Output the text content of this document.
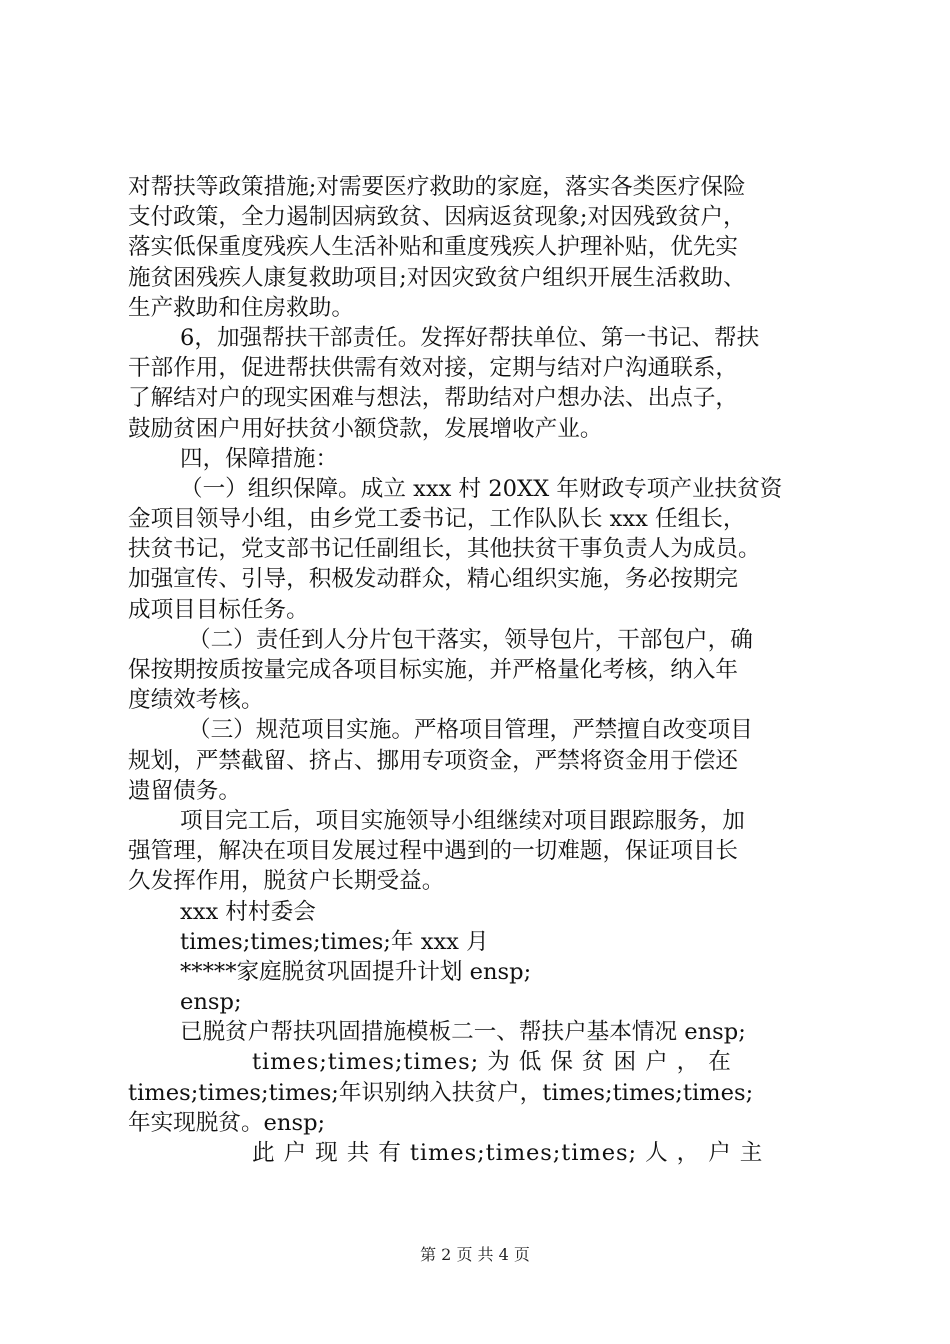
对帮扶等政策措施;对需要医疗救助的家庭，落实各类医疗保险
支付政策，全力遏制因病致贫、因病返贫现象;对因残致贫户，
落实低保重度残疾人生活补贴和重度残疾人护理补贴，优先实
施贫困残疾人康复救助项目;对因灾致贫户组织开展生活救助、
生产救助和住房救助。
6，加强帮扶干部责任。发挥好帮扶单位、第一书记、帮扶
干部作用，促进帮扶供需有效对接，定期与结对户沟通联系，
了解结对户的现实困难与想法，帮助结对户想办法、出点子，
鼓励贫困户用好扶贫小额贷款，发展增收产业。
四，保障措施：
（一）组织保障。成立 xxx 村 20XX 年财政专项产业扶贫资
金项目领导小组，由乡党工委书记，工作队队长 xxx 任组长，
扶贫书记，党支部书记任副组长，其他扶贫干事负责人为成员。
加强宣传、引导，积极发动群众，精心组织实施，务必按期完
成项目目标任务。
（二）责任到人分片包干落实，领导包片，干部包户，确
保按期按质按量完成各项目标实施，并严格量化考核，纳入年
度绩效考核。
（三）规范项目实施。严格项目管理，严禁擅自改变项目
规划，严禁截留、挤占、挪用专项资金，严禁将资金用于偿还
遗留债务。
项目完工后，项目实施领导小组继续对项目跟踪服务，加
强管理，解决在项目发展过程中遇到的一切难题，保证项目长
久发挥作用，脱贫户长期受益。
xxx 村村委会
times;times;times;年 xxx 月
*****家庭脱贫巩固提升计划 ensp;
ensp;
已脱贫户帮扶巩固措施模板二一、帮扶户基本情况 ensp;
times;times;times; 为 低 保 贫 困 户 ， 在
times;times;times;年识别纳入扶贫户，times;times;times;
年实现脱贫。ensp;
此 户 现 共 有 times;times;times; 人 ， 户 主
第 2 页 共 4 页
